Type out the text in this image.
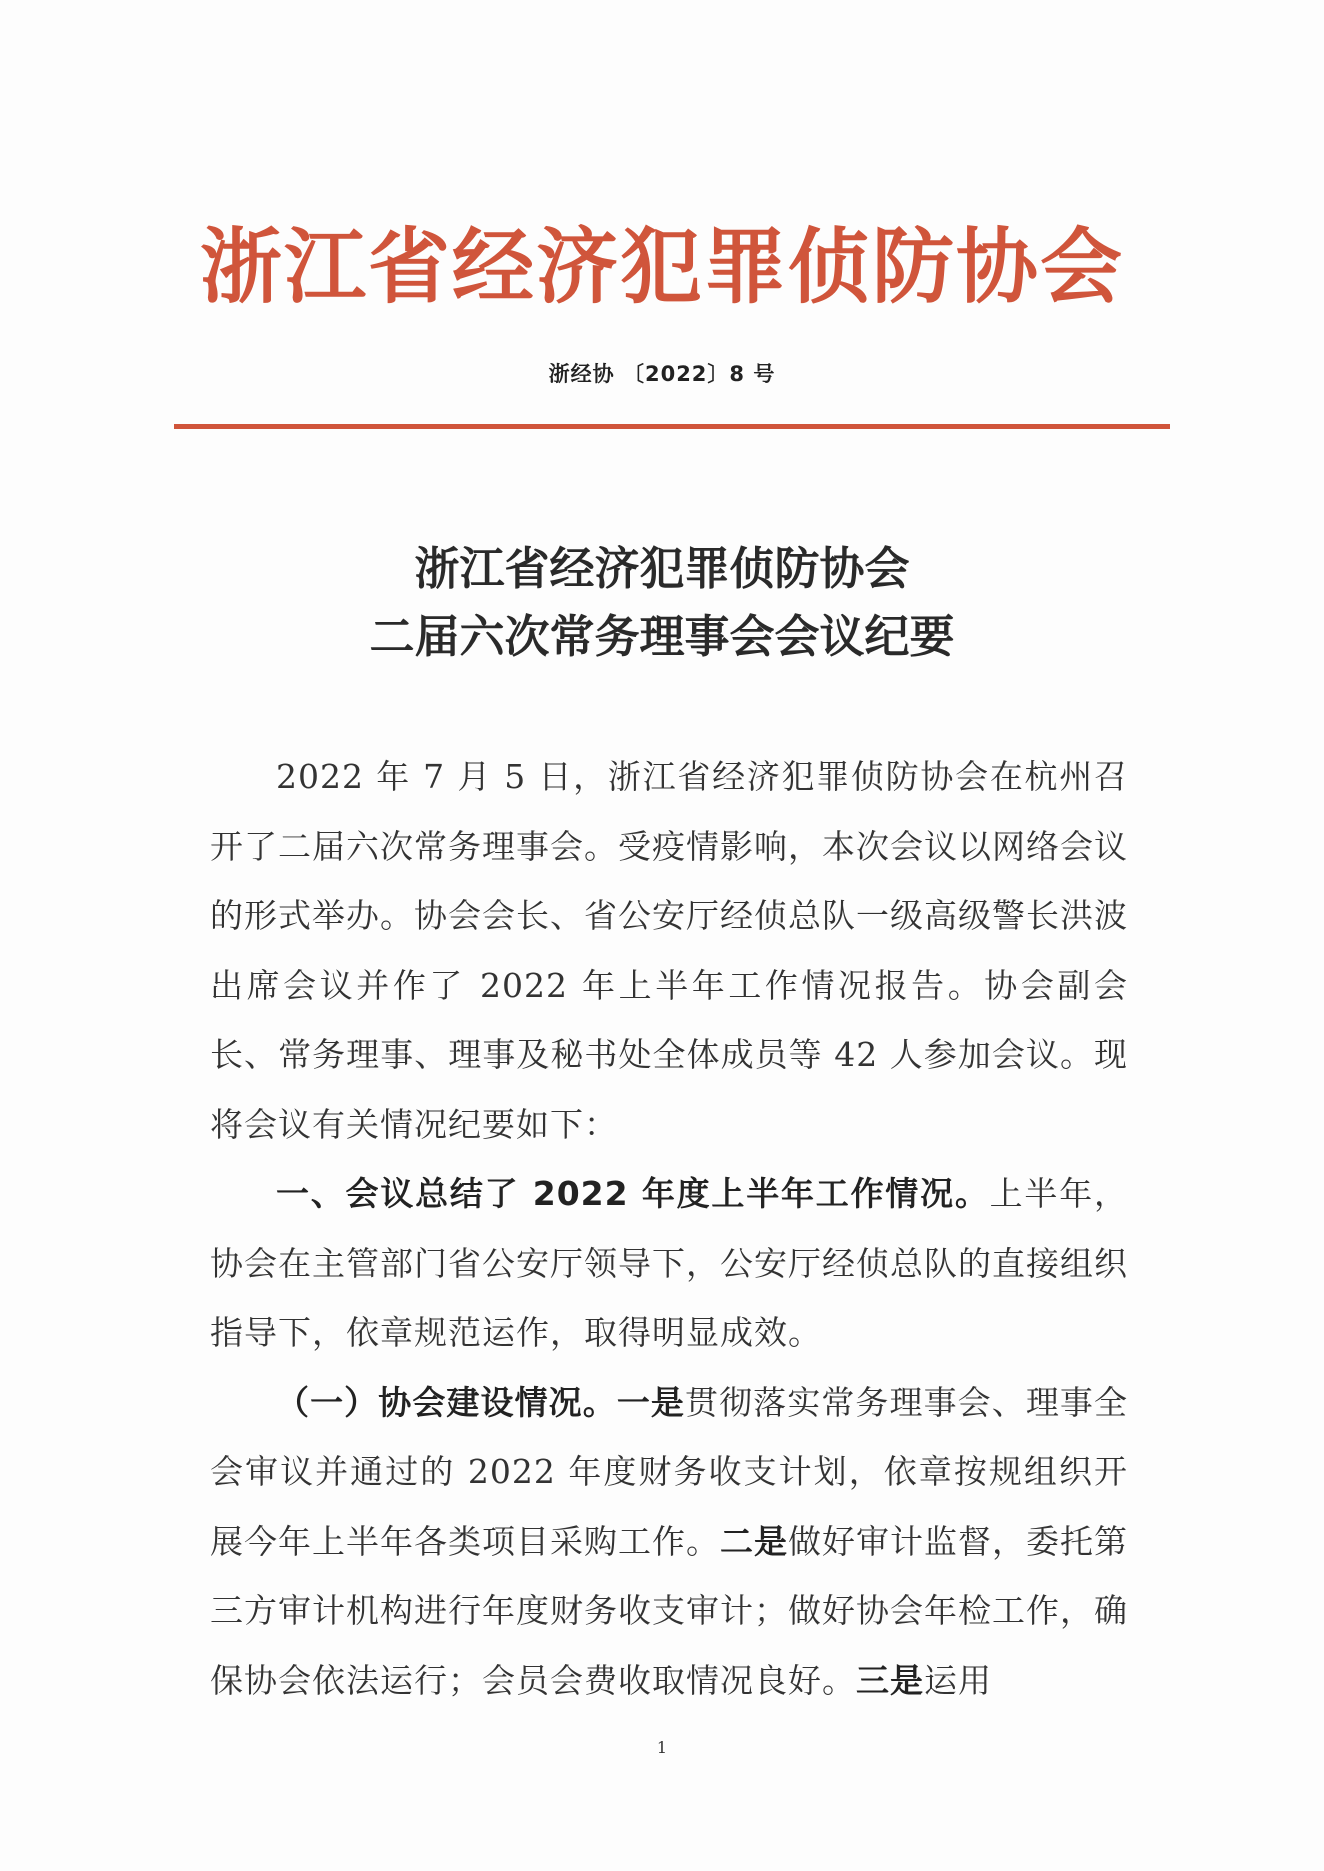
浙江省经济犯罪侦防协会
浙经协 〔2022〕8 号
浙江省经济犯罪侦防协会
二届六次常务理事会会议纪要

2022 年 7 月 5 日，浙江省经济犯罪侦防协会在杭州召开了二届六次常务理事会。受疫情影响，本次会议以网络会议的形式举办。协会会长、省公安厅经侦总队一级高级警长洪波出席会议并作了 2022 年上半年工作情况报告。协会副会长、常务理事、理事及秘书处全体成员等 42 人参加会议。现将会议有关情况纪要如下：

一、会议总结了 2022 年度上半年工作情况。上半年，协会在主管部门省公安厅领导下，公安厅经侦总队的直接组织指导下，依章规范运作，取得明显成效。

（一）协会建设情况。一是贯彻落实常务理事会、理事全会审议并通过的 2022 年度财务收支计划，依章按规组织开展今年上半年各类项目采购工作。二是做好审计监督，委托第三方审计机构进行年度财务收支审计；做好协会年检工作，确保协会依法运行；会员会费收取情况良好。三是运用

1
